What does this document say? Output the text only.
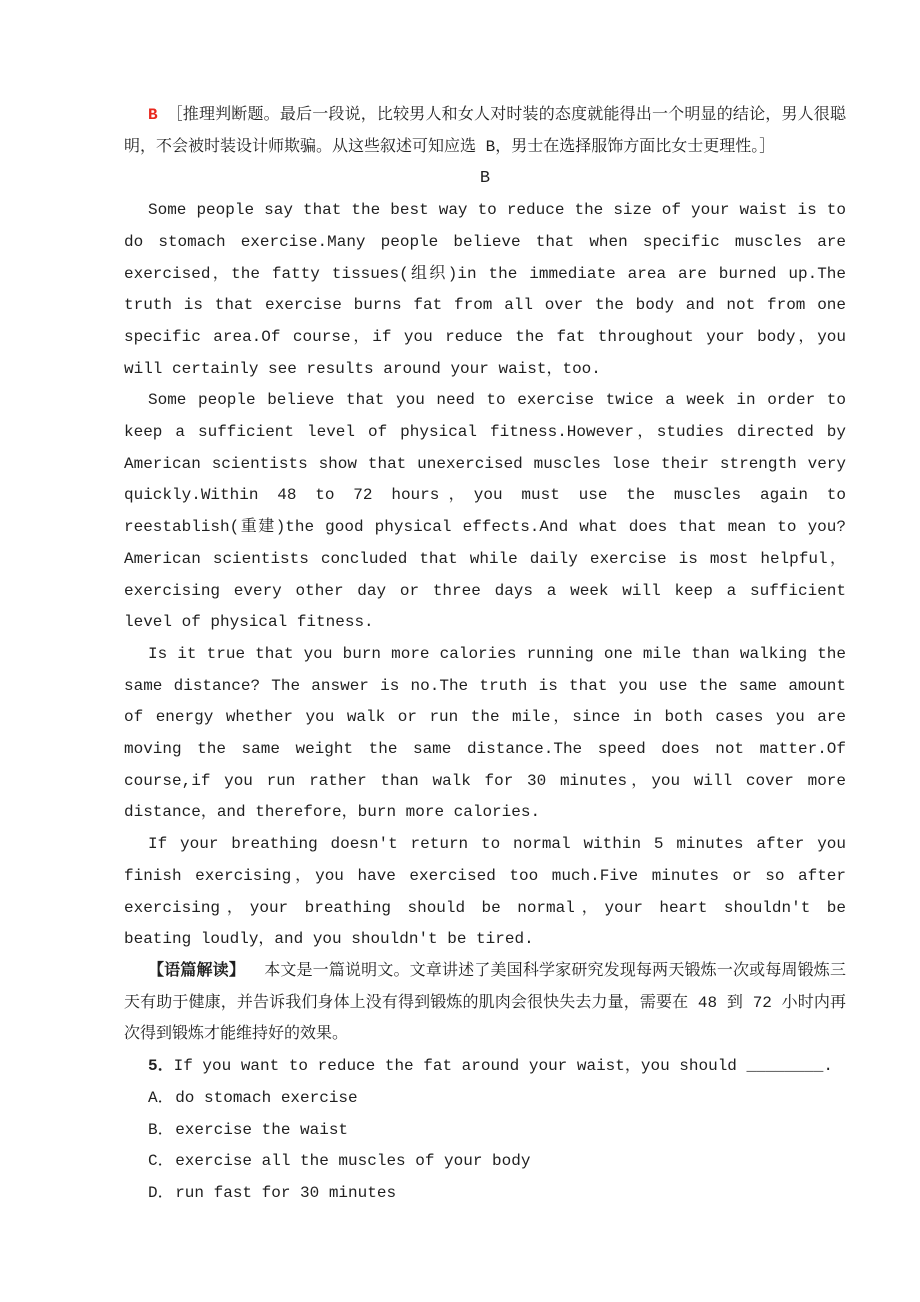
B ［推理判断题。最后一段说，比较男人和女人对时装的态度就能得出一个明显的结论，男人很聪明，不会被时装设计师欺骗。从这些叙述可知应选 B，男士在选择服饰方面比女士更理性。］

B

Some people say that the best way to reduce the size of your waist is to do stomach exercise.Many people believe that when specific muscles are exercised，the fatty tissues(组织)in the immediate area are burned up.The truth is that exercise burns fat from all over the body and not from one specific area.Of course，if you reduce the fat throughout your body，you will certainly see results around your waist，too.

Some people believe that you need to exercise twice a week in order to keep a sufficient level of physical fitness.However，studies directed by American scientists show that unexercised muscles lose their strength very quickly.Within 48 to 72 hours，you must use the muscles again to reestablish(重建)the good physical effects.And what does that mean to you? American scientists concluded that while daily exercise is most helpful，exercising every other day or three days a week will keep a sufficient level of physical fitness.

Is it true that you burn more calories running one mile than walking the same distance? The answer is no.The truth is that you use the same amount of energy whether you walk or run the mile，since in both cases you are moving the same weight the same distance.The speed does not matter.Of course,if you run rather than walk for 30 minutes，you will cover more distance，and therefore，burn more calories.

If your breathing doesn't return to normal within 5 minutes after you finish exercising，you have exercised too much.Five minutes or so after exercising，your breathing should be normal，your heart shouldn't be beating loudly，and you shouldn't be tired.

【语篇解读】 本文是一篇说明文。文章讲述了美国科学家研究发现每两天锻炼一次或每周锻炼三天有助于健康，并告诉我们身体上没有得到锻炼的肌肉会很快失去力量，需要在 48 到 72 小时内再次得到锻炼才能维持好的效果。

5．If you want to reduce the fat around your waist，you should ________.

A．do stomach exercise

B．exercise the waist

C．exercise all the muscles of your body

D．run fast for 30 minutes
